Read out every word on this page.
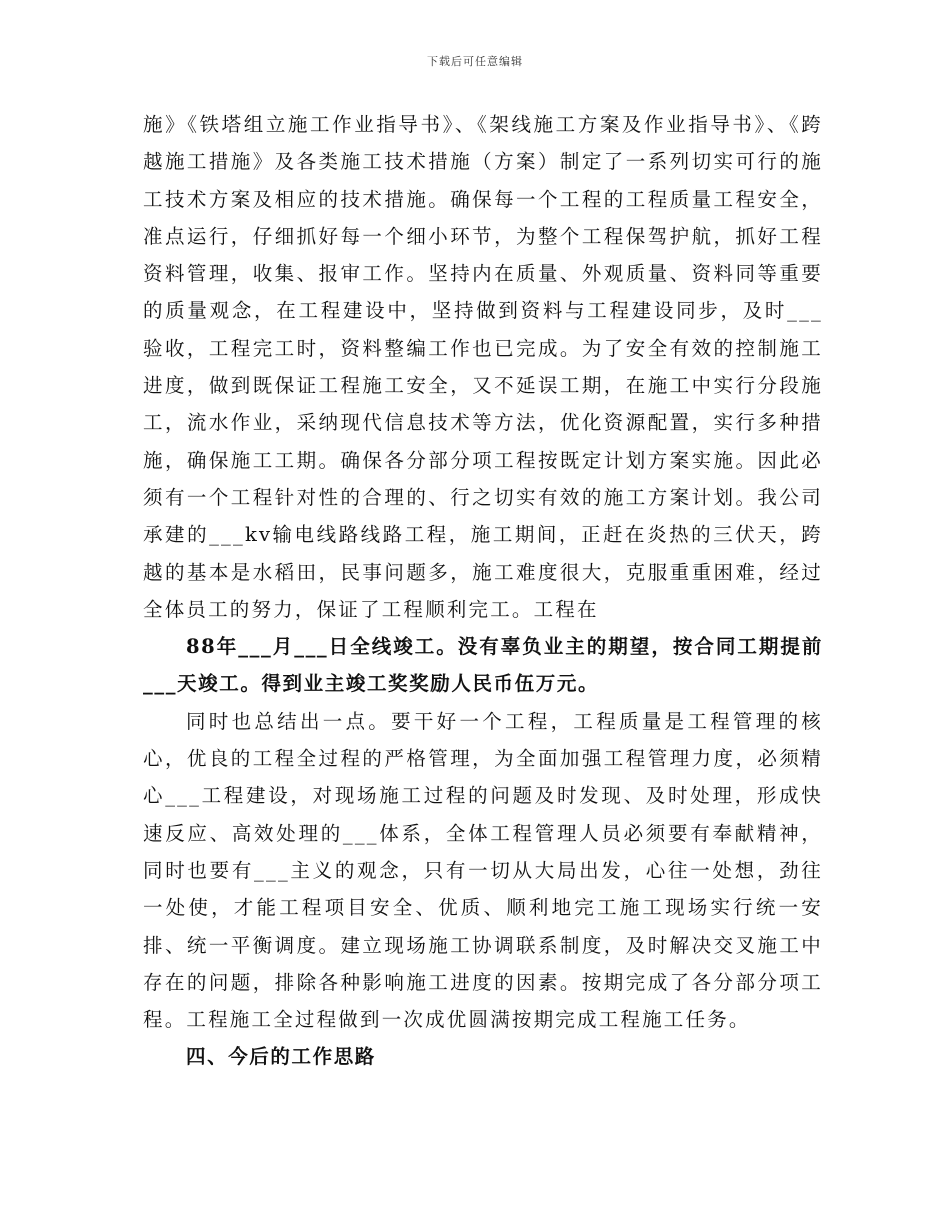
下载后可任意编辑

施》《铁塔组立施工作业指导书》、《架线施工方案及作业指导书》、《跨越施工措施》及各类施工技术措施（方案）制定了一系列切实可行的施工技术方案及相应的技术措施。确保每一个工程的工程质量工程安全，准点运行，仔细抓好每一个细小环节，为整个工程保驾护航，抓好工程资料管理，收集、报审工作。坚持内在质量、外观质量、资料同等重要的质量观念，在工程建设中，坚持做到资料与工程建设同步，及时___验收，工程完工时，资料整编工作也已完成。为了安全有效的控制施工进度，做到既保证工程施工安全，又不延误工期，在施工中实行分段施工，流水作业，采纳现代信息技术等方法，优化资源配置，实行多种措施，确保施工工期。确保各分部分项工程按既定计划方案实施。因此必须有一个工程针对性的合理的、行之切实有效的施工方案计划。我公司承建的___kv输电线路线路工程，施工期间，正赶在炎热的三伏天，跨越的基本是水稻田，民事问题多，施工难度很大，克服重重困难，经过全体员工的努力，保证了工程顺利完工。工程在

88年___月___日全线竣工。没有辜负业主的期望，按合同工期提前___天竣工。得到业主竣工奖奖励人民币伍万元。

同时也总结出一点。要干好一个工程，工程质量是工程管理的核心，优良的工程全过程的严格管理，为全面加强工程管理力度，必须精心___工程建设，对现场施工过程的问题及时发现、及时处理，形成快速反应、高效处理的___体系，全体工程管理人员必须要有奉献精神，同时也要有___主义的观念，只有一切从大局出发，心往一处想，劲往一处使，才能工程项目安全、优质、顺利地完工施工现场实行统一安排、统一平衡调度。建立现场施工协调联系制度，及时解决交叉施工中存在的问题，排除各种影响施工进度的因素。按期完成了各分部分项工程。工程施工全过程做到一次成优圆满按期完成工程施工任务。

四、今后的工作思路
